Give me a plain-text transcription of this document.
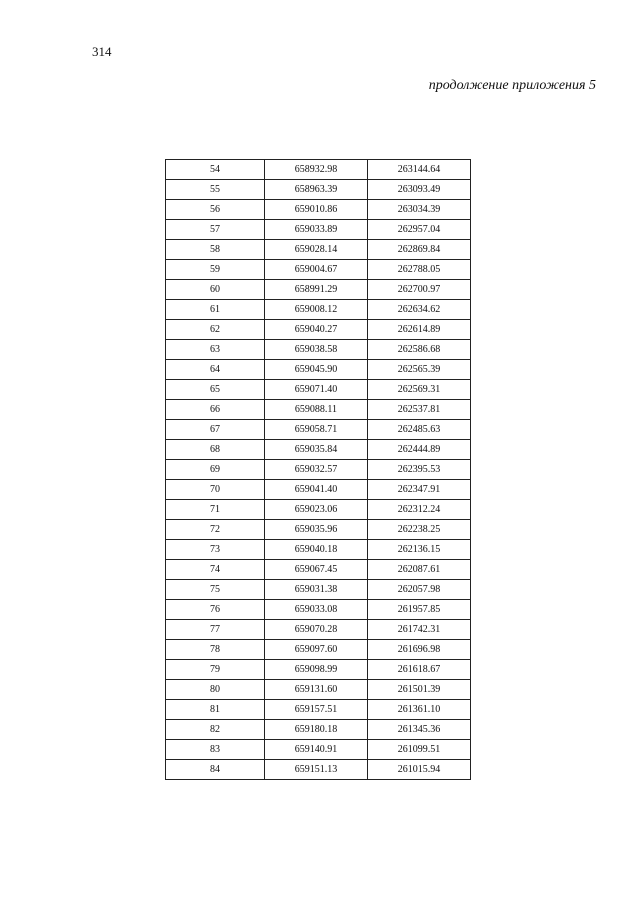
314
продолжение приложения 5
54	658932.98	263144.64
55	658963.39	263093.49
56	659010.86	263034.39
57	659033.89	262957.04
58	659028.14	262869.84
59	659004.67	262788.05
60	658991.29	262700.97
61	659008.12	262634.62
62	659040.27	262614.89
63	659038.58	262586.68
64	659045.90	262565.39
65	659071.40	262569.31
66	659088.11	262537.81
67	659058.71	262485.63
68	659035.84	262444.89
69	659032.57	262395.53
70	659041.40	262347.91
71	659023.06	262312.24
72	659035.96	262238.25
73	659040.18	262136.15
74	659067.45	262087.61
75	659031.38	262057.98
76	659033.08	261957.85
77	659070.28	261742.31
78	659097.60	261696.98
79	659098.99	261618.67
80	659131.60	261501.39
81	659157.51	261361.10
82	659180.18	261345.36
83	659140.91	261099.51
84	659151.13	261015.94
